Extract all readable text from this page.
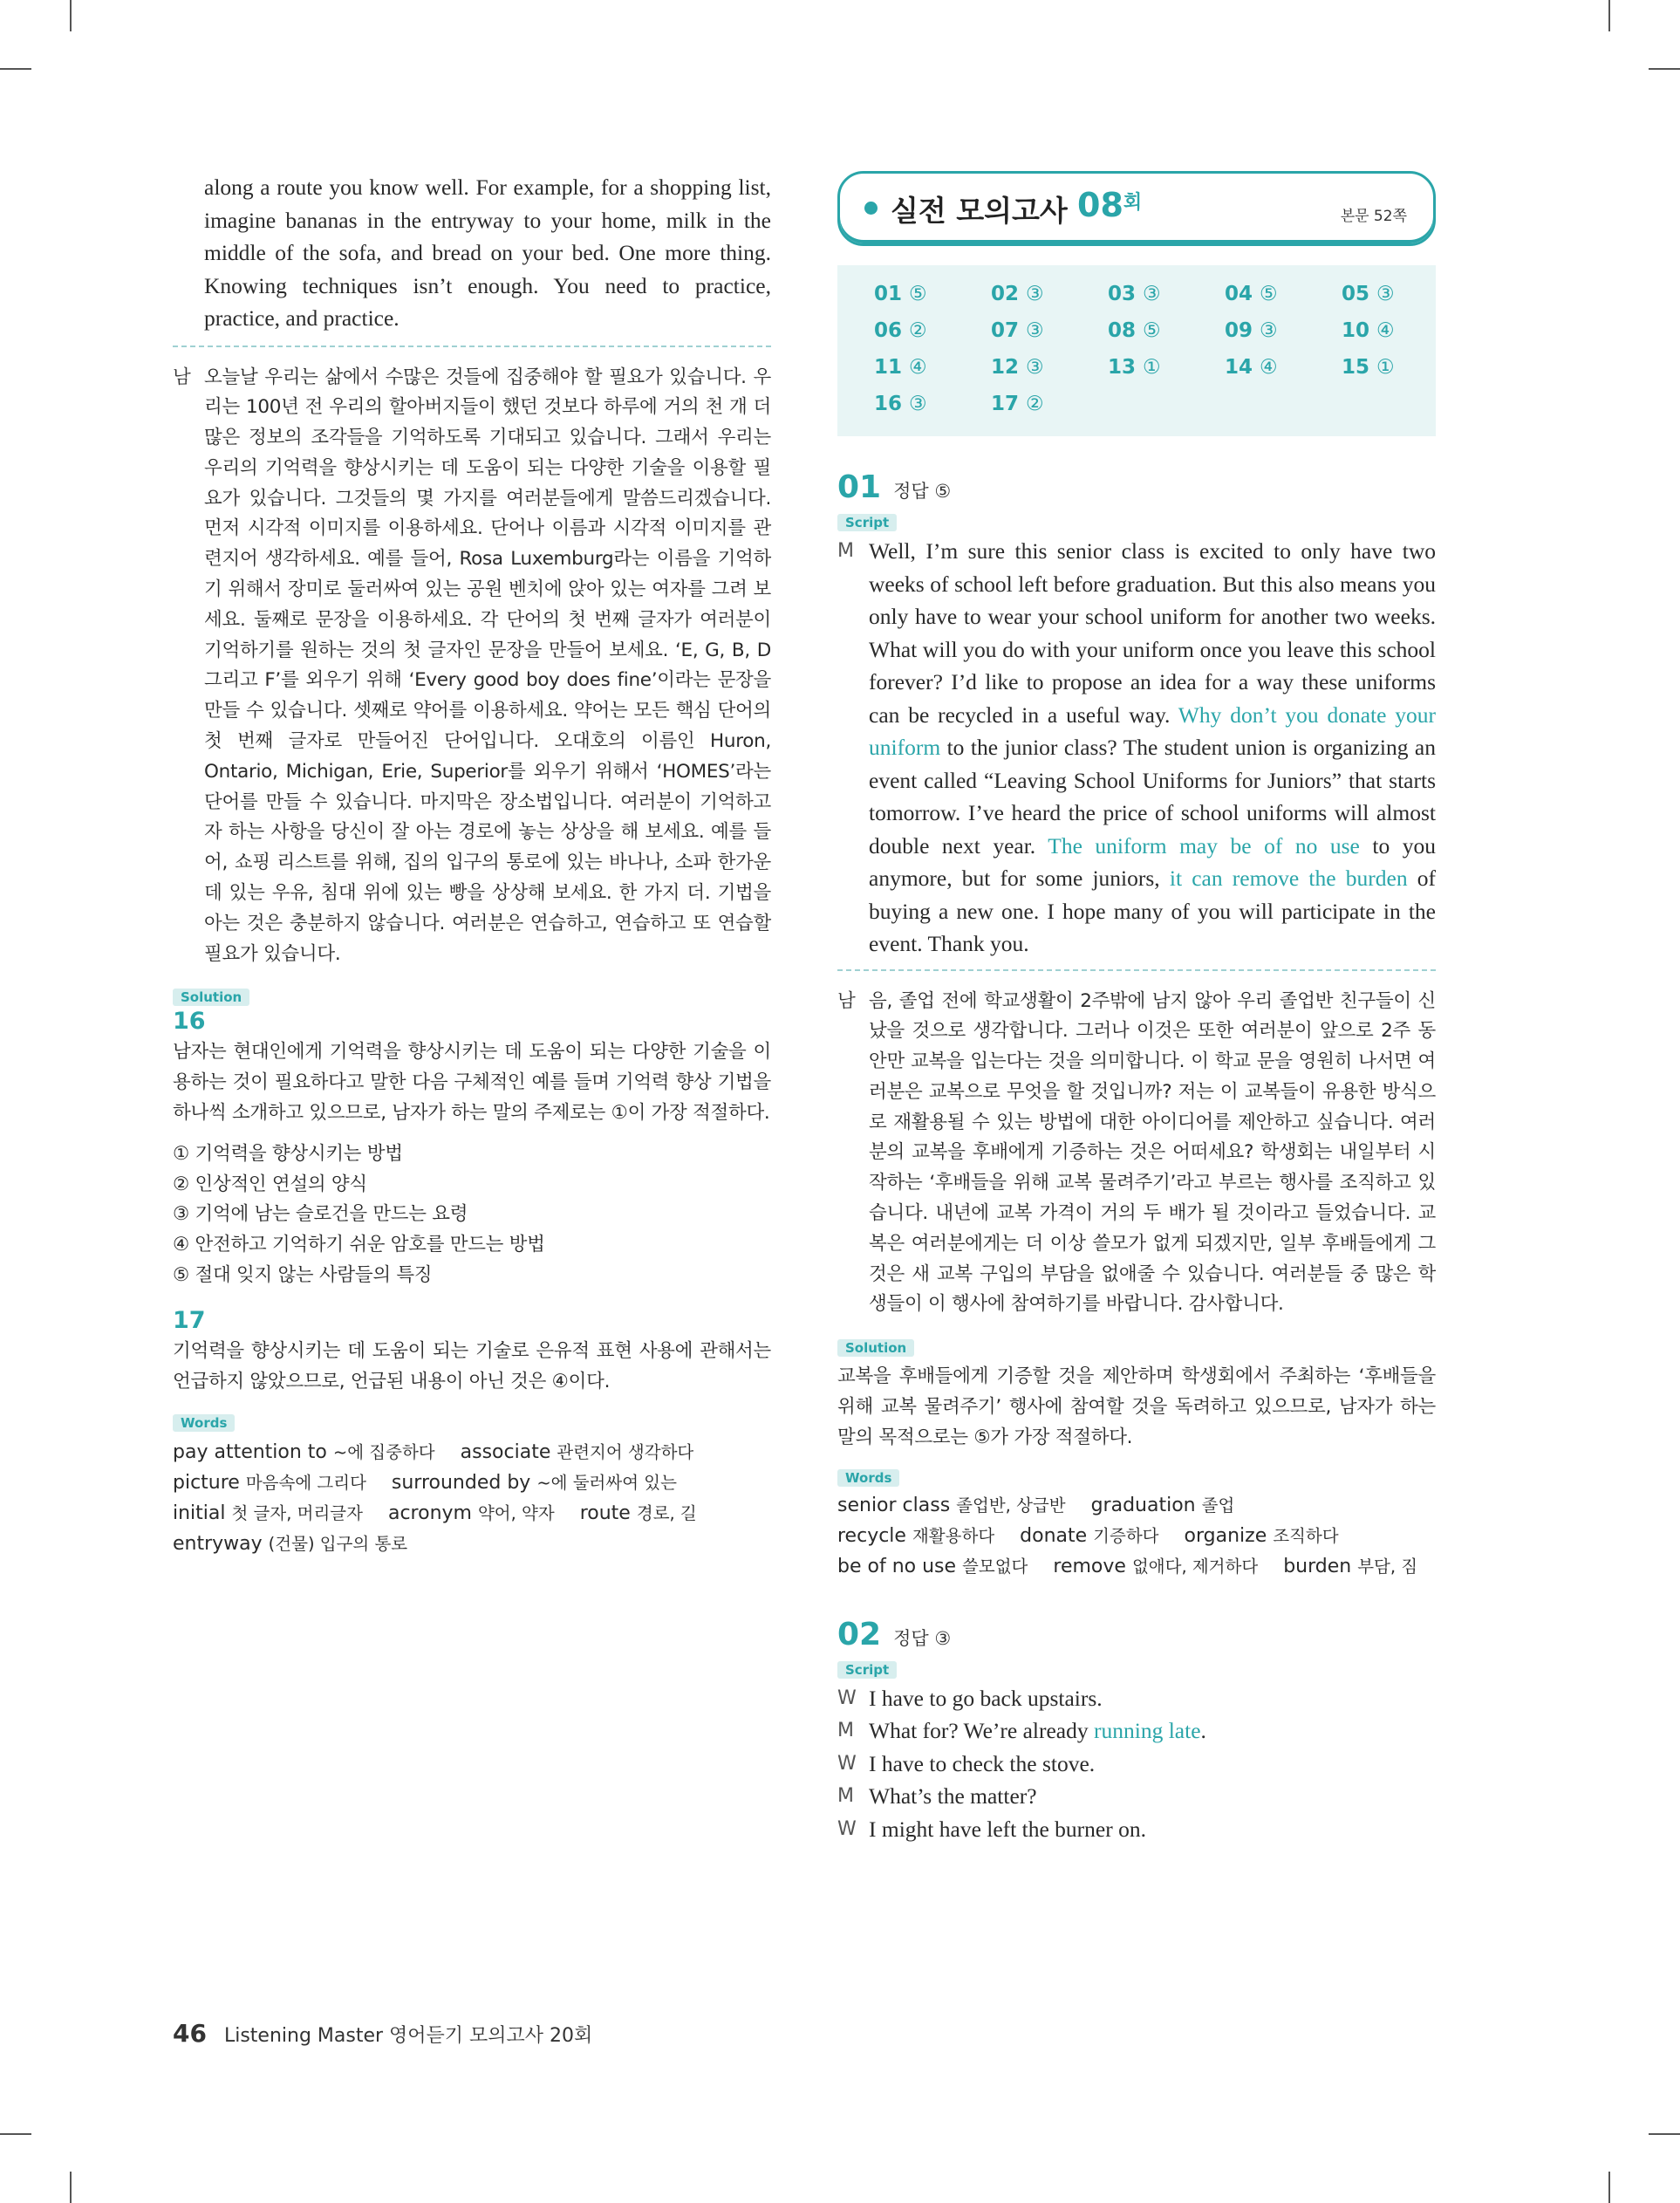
along a route you know well. For example, for a shopping list, imagine bananas in the entryway to your home, milk in the middle of the sofa, and bread on your bed. One more thing. Knowing techniques isn’t enough. You need to practice, practice, and practice.

남 오늘날 우리는 삶에서 수많은 것들에 집중해야 할 필요가 있습니다. 우리는 100년 전 우리의 할아버지들이 했던 것보다 하루에 거의 천 개 더 많은 정보의 조각들을 기억하도록 기대되고 있습니다. 그래서 우리는 우리의 기억력을 향상시키는 데 도움이 되는 다양한 기술을 이용할 필요가 있습니다. 그것들의 몇 가지를 여러분들에게 말씀드리겠습니다. 먼저 시각적 이미지를 이용하세요. 단어나 이름과 시각적 이미지를 관련지어 생각하세요. 예를 들어, Rosa Luxemburg라는 이름을 기억하기 위해서 장미로 둘러싸여 있는 공원 벤치에 앉아 있는 여자를 그려 보세요. 둘째로 문장을 이용하세요. 각 단어의 첫 번째 글자가 여러분이 기억하기를 원하는 것의 첫 글자인 문장을 만들어 보세요. ‘E, G, B, D 그리고 F’를 외우기 위해 ‘Every good boy does fine’이라는 문장을 만들 수 있습니다. 셋째로 약어를 이용하세요. 약어는 모든 핵심 단어의 첫 번째 글자로 만들어진 단어입니다. 오대호의 이름인 Huron, Ontario, Michigan, Erie, Superior를 외우기 위해서 ‘HOMES’라는 단어를 만들 수 있습니다. 마지막은 장소법입니다. 여러분이 기억하고자 하는 사항을 당신이 잘 아는 경로에 놓는 상상을 해 보세요. 예를 들어, 쇼핑 리스트를 위해, 집의 입구의 통로에 있는 바나나, 소파 한가운데 있는 우유, 침대 위에 있는 빵을 상상해 보세요. 한 가지 더. 기법을 아는 것은 충분하지 않습니다. 여러분은 연습하고, 연습하고 또 연습할 필요가 있습니다.
Solution
16
남자는 현대인에게 기억력을 향상시키는 데 도움이 되는 다양한 기술을 이용하는 것이 필요하다고 말한 다음 구체적인 예를 들며 기억력 향상 기법을 하나씩 소개하고 있으므로, 남자가 하는 말의 주제로는 ①이 가장 적절하다.
① 기억력을 향상시키는 방법
② 인상적인 연설의 양식
③ 기억에 남는 슬로건을 만드는 요령
④ 안전하고 기억하기 쉬운 암호를 만드는 방법
⑤ 절대 잊지 않는 사람들의 특징
17
기억력을 향상시키는 데 도움이 되는 기술로 은유적 표현 사용에 관해서는 언급하지 않았으므로, 언급된 내용이 아닌 것은 ④이다.
Words
pay attention to ~에 집중하다 associate 관련지어 생각하다
picture 마음속에 그리다 surrounded by ~에 둘러싸여 있는
initial 첫 글자, 머리글자 acronym 약어, 약자 route 경로, 길
entryway (건물) 입구의 통로
실전 모의고사 $08_회$
본문 52쪽
01 ⑤	02 ③	03 ③	04 ⑤	05 ③
06 ②	07 ③	08 ⑤	09 ③	10 ④
11 ④	12 ③	13 ①	14 ④	15 ①
16 ③	17 ②
01 정답 ⑤
Script
M Well, I’m sure this senior class is excited to only have two weeks of school left before graduation. But this also means you only have to wear your school uniform for another two weeks. What will you do with your uniform once you leave this school forever? I’d like to propose an idea for a way these uniforms can be recycled in a useful way. Why don’t you donate your uniform to the junior class? The student union is organizing an event called “Leaving School Uniforms for Juniors” that starts tomorrow. I’ve heard the price of school uniforms will almost double next year. The uniform may be of no use to you anymore, but for some juniors, it can remove the burden of buying a new one. I hope many of you will participate in the event. Thank you.
남 음, 졸업 전에 학교생활이 2주밖에 남지 않아 우리 졸업반 친구들이 신났을 것으로 생각합니다. 그러나 이것은 또한 여러분이 앞으로 2주 동안만 교복을 입는다는 것을 의미합니다. 이 학교 문을 영원히 나서면 여러분은 교복으로 무엇을 할 것입니까? 저는 이 교복들이 유용한 방식으로 재활용될 수 있는 방법에 대한 아이디어를 제안하고 싶습니다. 여러분의 교복을 후배에게 기증하는 것은 어떠세요? 학생회는 내일부터 시작하는 ‘후배들을 위해 교복 물려주기’라고 부르는 행사를 조직하고 있습니다. 내년에 교복 가격이 거의 두 배가 될 것이라고 들었습니다. 교복은 여러분에게는 더 이상 쓸모가 없게 되겠지만, 일부 후배들에게 그것은 새 교복 구입의 부담을 없애줄 수 있습니다. 여러분들 중 많은 학생들이 이 행사에 참여하기를 바랍니다. 감사합니다.
Solution
교복을 후배들에게 기증할 것을 제안하며 학생회에서 주최하는 ‘후배들을 위해 교복 물려주기’ 행사에 참여할 것을 독려하고 있으므로, 남자가 하는 말의 목적으로는 ⑤가 가장 적절하다.
Words
senior class 졸업반, 상급반 graduation 졸업
recycle 재활용하다 donate 기증하다 organize 조직하다
be of no use 쓸모없다 remove 없애다, 제거하다 burden 부담, 짐
02 정답 ③
Script
W I have to go back upstairs.
M What for? We’re already running late.
W I have to check the stove.
M What’s the matter?
W I might have left the burner on.
46 Listening Master 영어듣기 모의고사 20회
